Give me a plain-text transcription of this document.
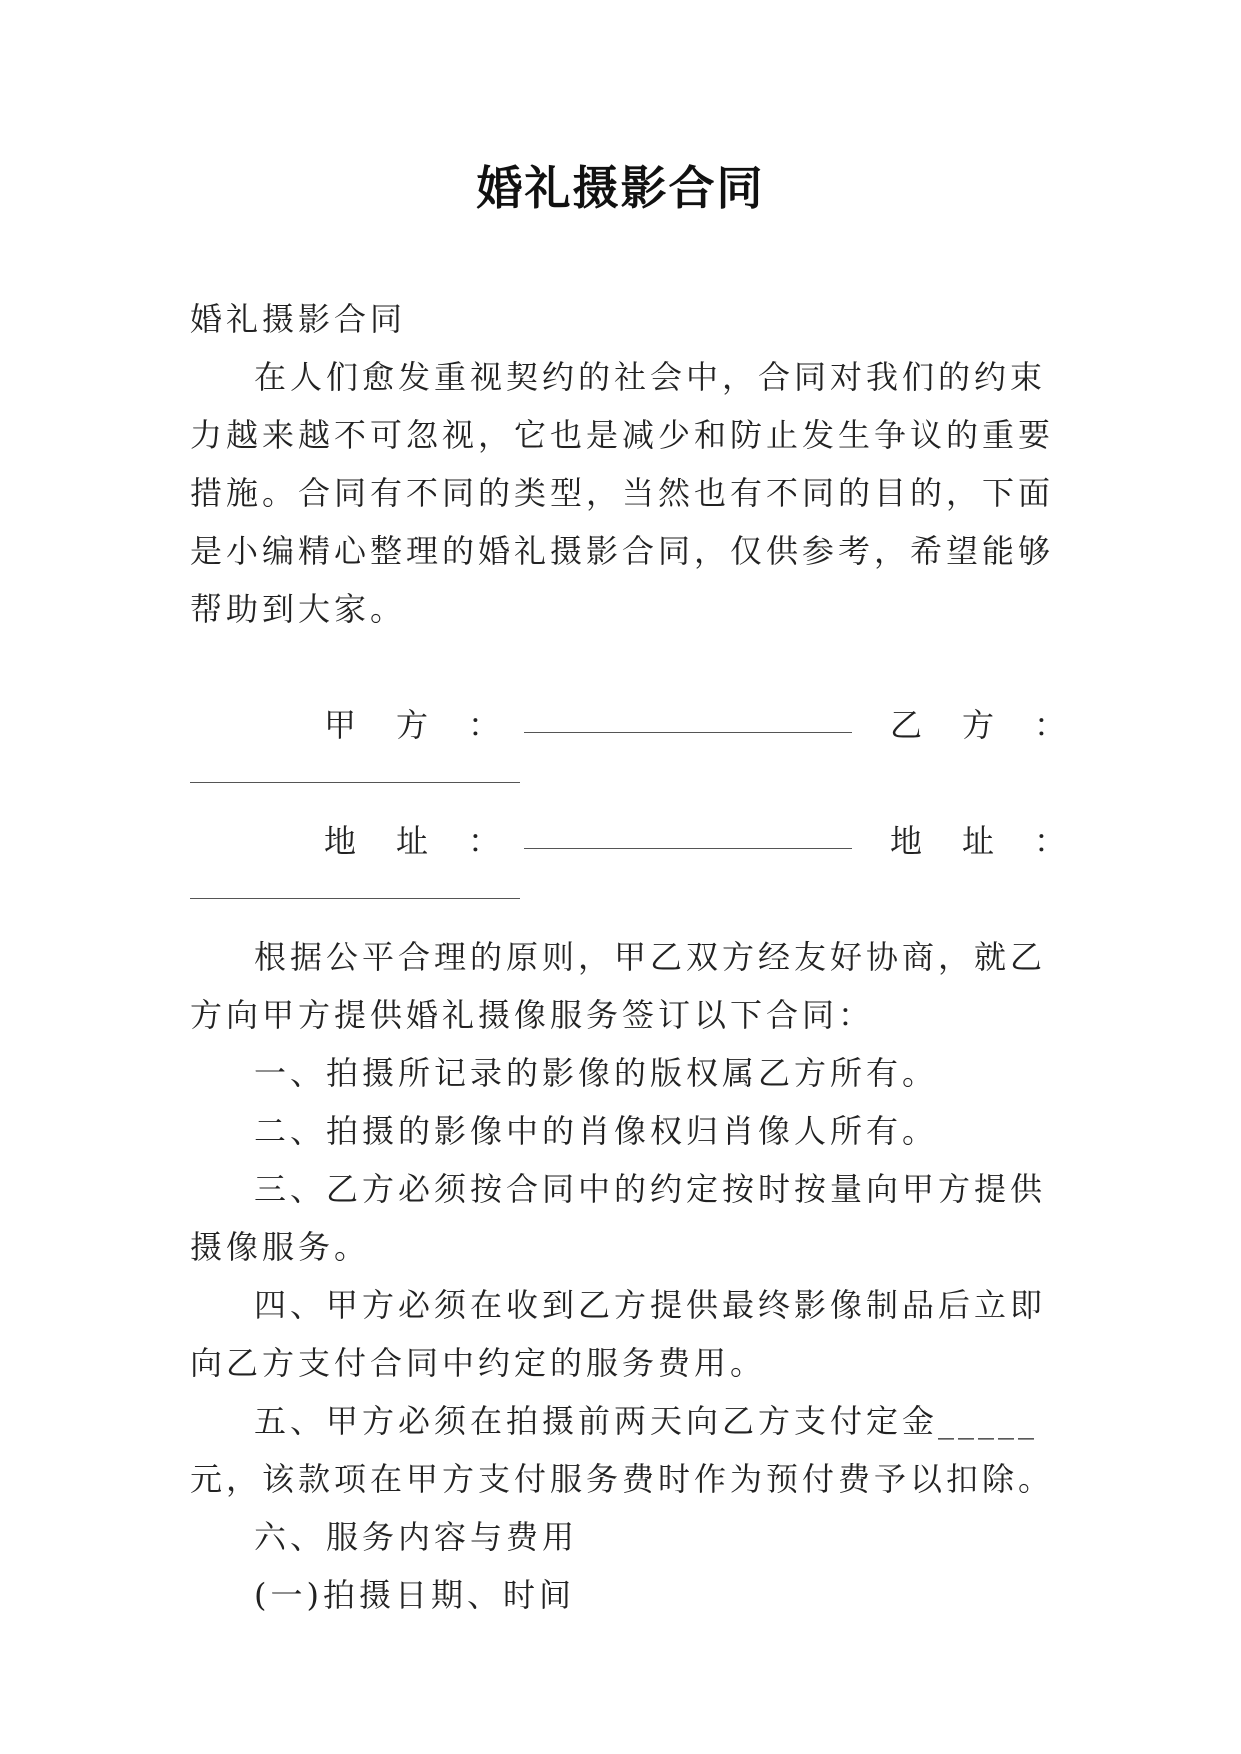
婚礼摄影合同

婚礼摄影合同

在人们愈发重视契约的社会中，合同对我们的约束力越来越不可忽视，它也是减少和防止发生争议的重要措施。合同有不同的类型，当然也有不同的目的，下面是小编精心整理的婚礼摄影合同，仅供参考，希望能够帮助到大家。

甲　方　：	乙　方　：
地　址　：	地　址　：

根据公平合理的原则，甲乙双方经友好协商，就乙方向甲方提供婚礼摄像服务签订以下合同：

一、拍摄所记录的影像的版权属乙方所有。

二、拍摄的影像中的肖像权归肖像人所有。

三、乙方必须按合同中的约定按时按量向甲方提供摄像服务。

四、甲方必须在收到乙方提供最终影像制品后立即向乙方支付合同中约定的服务费用。

五、甲方必须在拍摄前两天向乙方支付定金_____元，该款项在甲方支付服务费时作为预付费予以扣除。

六、服务内容与费用

(一)拍摄日期、时间
